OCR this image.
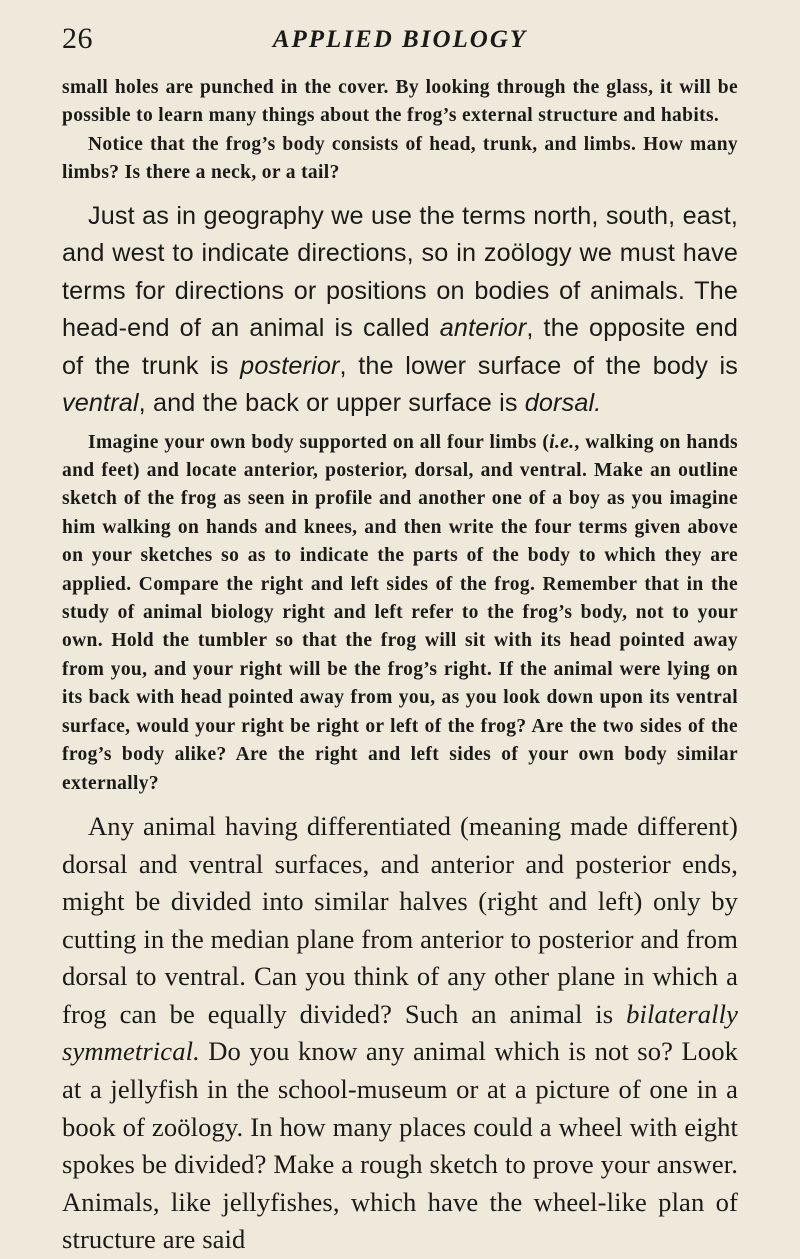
26	APPLIED BIOLOGY

small holes are punched in the cover. By looking through the glass, it will be possible to learn many things about the frog’s external structure and habits.

Notice that the frog’s body consists of head, trunk, and limbs. How many limbs? Is there a neck, or a tail?

Just as in geography we use the terms north, south, east, and west to indicate directions, so in zoölogy we must have terms for directions or positions on bodies of animals. The head-end of an animal is called anterior, the opposite end of the trunk is posterior, the lower surface of the body is ventral, and the back or upper surface is dorsal.

Imagine your own body supported on all four limbs (i.e., walking on hands and feet) and locate anterior, posterior, dorsal, and ventral. Make an outline sketch of the frog as seen in profile and another one of a boy as you imagine him walking on hands and knees, and then write the four terms given above on your sketches so as to indicate the parts of the body to which they are applied. Compare the right and left sides of the frog. Remember that in the study of animal biology right and left refer to the frog’s body, not to your own. Hold the tumbler so that the frog will sit with its head pointed away from you, and your right will be the frog’s right. If the animal were lying on its back with head pointed away from you, as you look down upon its ventral surface, would your right be right or left of the frog? Are the two sides of the frog’s body alike? Are the right and left sides of your own body similar externally?

Any animal having differentiated (meaning made different) dorsal and ventral surfaces, and anterior and posterior ends, might be divided into similar halves (right and left) only by cutting in the median plane from anterior to posterior and from dorsal to ventral. Can you think of any other plane in which a frog can be equally divided? Such an animal is bilaterally symmetrical. Do you know any animal which is not so? Look at a jellyfish in the school-museum or at a picture of one in a book of zoölogy. In how many places could a wheel with eight spokes be divided? Make a rough sketch to prove your answer. Animals, like jellyfishes, which have the wheel-like plan of structure are said
